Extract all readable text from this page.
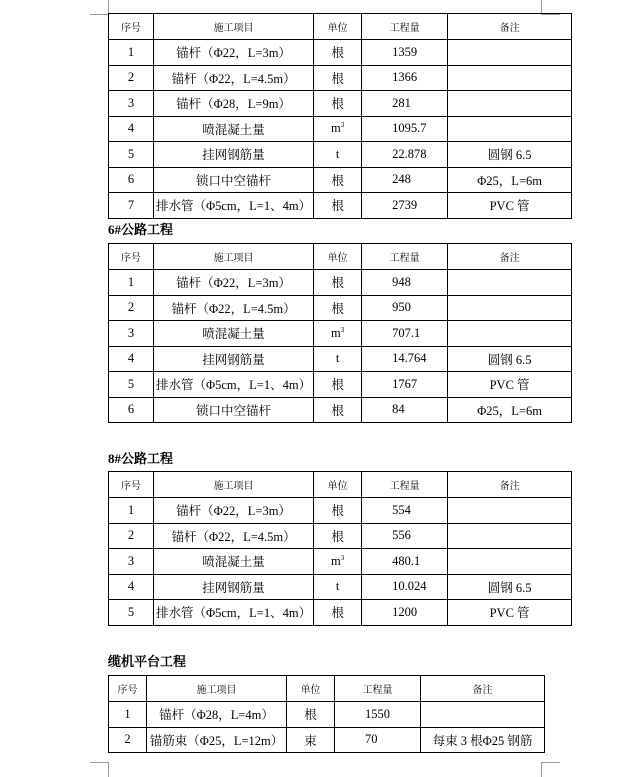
序号	施工项目	单位	工程量	备注
1	锚杆（Φ22，L=3m）	根	1359	
2	锚杆（Φ22，L=4.5m）	根	1366	
3	锚杆（Φ28，L=9m）	根	281	
4	喷混凝土量	$m^3$	1095.7	
5	挂网钢筋量	t	22.878	圆钢 6.5
6	锁口中空锚杆	根	248	Φ25，L=6m
7	排水管（Φ5cm，L=1、4m）	根	2739	PVC 管
6#公路工程
序号	施工项目	单位	工程量	备注
1	锚杆（Φ22，L=3m）	根	948	
2	锚杆（Φ22，L=4.5m）	根	950	
3	喷混凝土量	$m^3$	707.1	
4	挂网钢筋量	t	14.764	圆钢 6.5
5	排水管（Φ5cm，L=1、4m）	根	1767	PVC 管
6	锁口中空锚杆	根	84	Φ25，L=6m
8#公路工程
序号	施工项目	单位	工程量	备注
1	锚杆（Φ22，L=3m）	根	554	
2	锚杆（Φ22，L=4.5m）	根	556	
3	喷混凝土量	$m^3$	480.1	
4	挂网钢筋量	t	10.024	圆钢 6.5
5	排水管（Φ5cm，L=1、4m）	根	1200	PVC 管
缆机平台工程
序号	施工项目	单位	工程量	备注
1	锚杆（Φ28，L=4m）	根	1550	
2	锚筋束（Φ25，L=12m）	束	70	每束 3 根Φ25 钢筋
